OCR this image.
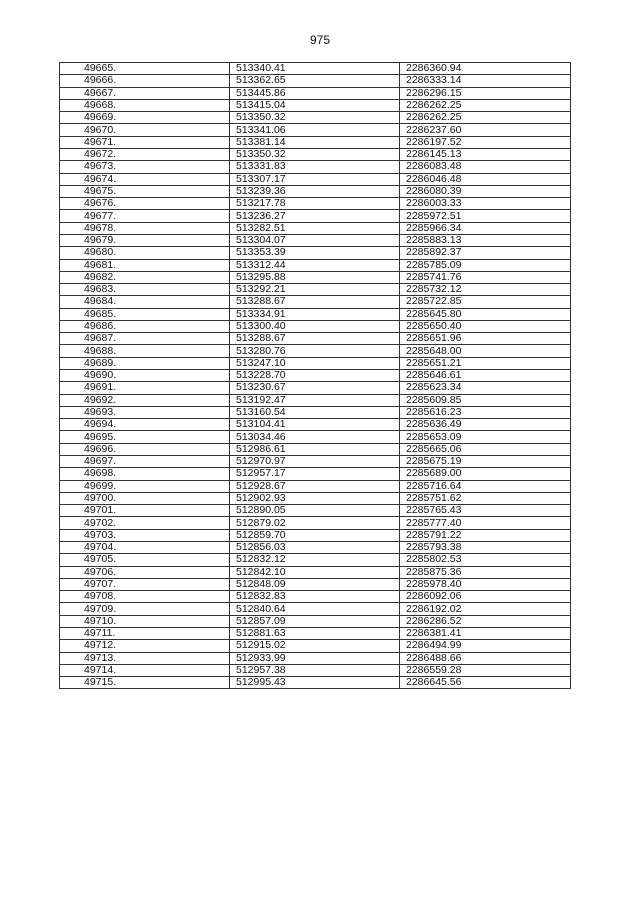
975
49665.	513340.41	2286360.94
49666.	513362.65	2286333.14
49667.	513445.86	2286296.15
49668.	513415.04	2286262.25
49669.	513350.32	2286262.25
49670.	513341.06	2286237.60
49671.	513381.14	2286197.52
49672.	513350.32	2286145.13
49673.	513331.83	2286083.48
49674.	513307.17	2286046.48
49675.	513239.36	2286080.39
49676.	513217.78	2286003.33
49677.	513236.27	2285972.51
49678.	513282.51	2285966.34
49679.	513304.07	2285883.13
49680.	513353.39	2285892.37
49681.	513312.44	2285785.09
49682.	513295.88	2285741.76
49683.	513292.21	2285732.12
49684.	513288.67	2285722.85
49685.	513334.91	2285645.80
49686.	513300.40	2285650.40
49687.	513288.67	2285651.96
49688.	513280.76	2285648.00
49689.	513247.10	2285651.21
49690.	513228.70	2285646.61
49691.	513230.67	2285623.34
49692.	513192.47	2285609.85
49693.	513160.54	2285616.23
49694.	513104.41	2285636.49
49695.	513034.46	2285653.09
49696.	512986.61	2285665.06
49697.	512970.97	2285675.19
49698.	512957.17	2285689.00
49699.	512928.67	2285716.64
49700.	512902.93	2285751.62
49701.	512890.05	2285765.43
49702.	512879.02	2285777.40
49703.	512859.70	2285791.22
49704.	512856.03	2285793.38
49705.	512832.12	2285802.53
49706.	512842.10	2285875.36
49707.	512848.09	2285978.40
49708.	512832.83	2286092.06
49709.	512840.64	2286192.02
49710.	512857.09	2286286.52
49711.	512881.63	2286381.41
49712.	512915.02	2286494.99
49713.	512933.99	2286488.66
49714.	512957.38	2286559.28
49715.	512995.43	2286645.56
